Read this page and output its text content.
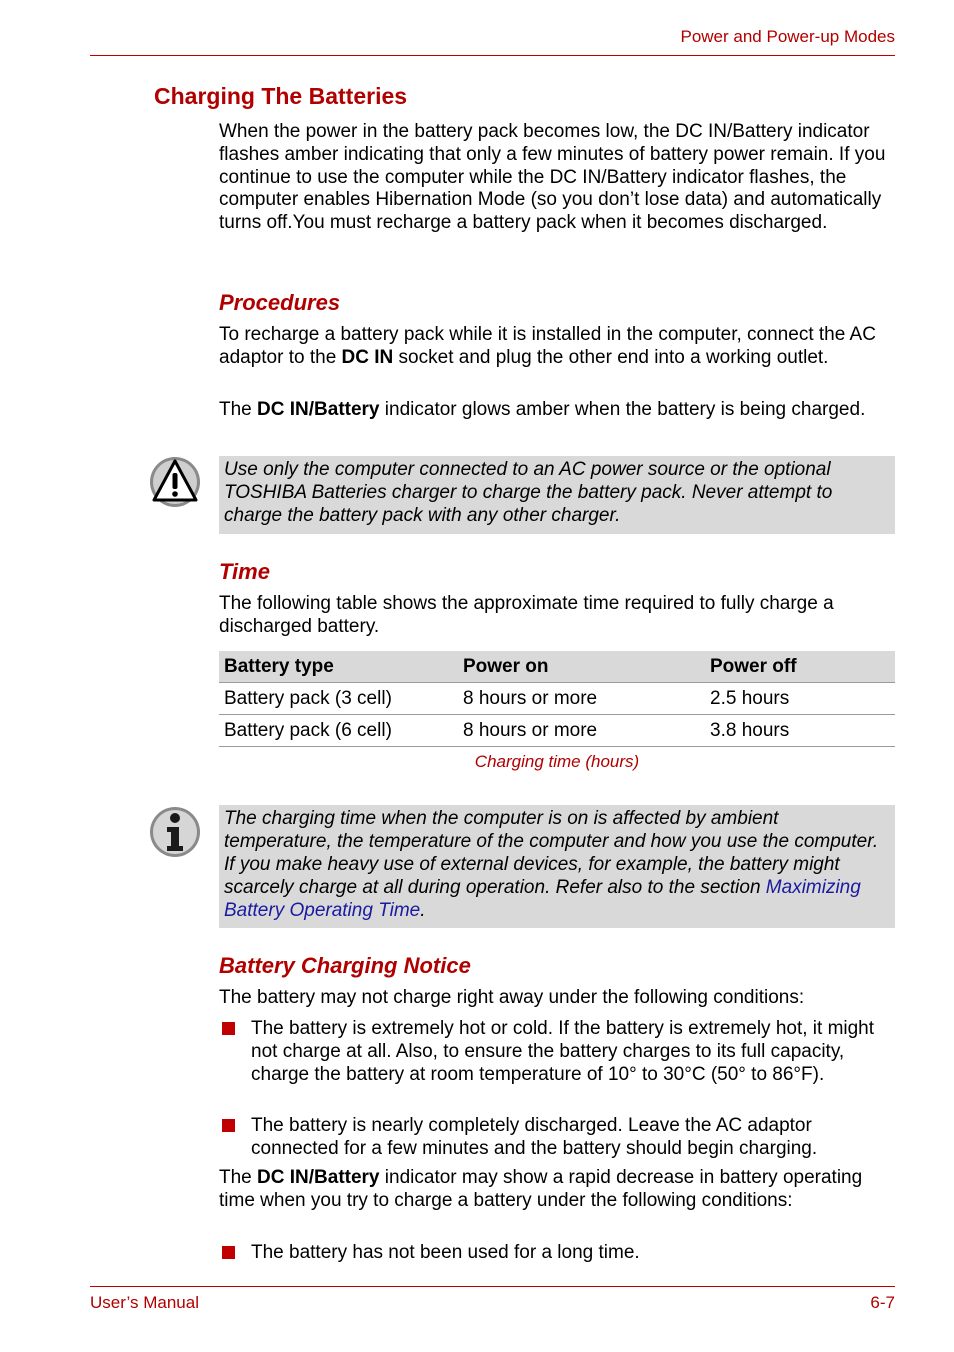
Power and Power-up Modes
Charging The Batteries

When the power in the battery pack becomes low, the DC IN/Battery indicator flashes amber indicating that only a few minutes of battery power remain. If you continue to use the computer while the DC IN/Battery indicator flashes, the computer enables Hibernation Mode (so you don’t lose data) and automatically turns off.You must recharge a battery pack when it becomes discharged.

Procedures

To recharge a battery pack while it is installed in the computer, connect the AC adaptor to the DC IN socket and plug the other end into a working outlet.

The DC IN/Battery indicator glows amber when the battery is being charged.

Use only the computer connected to an AC power source or the optional TOSHIBA Batteries charger to charge the battery pack. Never attempt to charge the battery pack with any other charger.
Time

The following table shows the approximate time required to fully charge a discharged battery.

Battery type	Power on	Power off
Battery pack (3 cell)	8 hours or more	2.5 hours
Battery pack (6 cell)	8 hours or more	3.8 hours
Charging time (hours)
The charging time when the computer is on is affected by ambient temperature, the temperature of the computer and how you use the computer. If you make heavy use of external devices, for example, the battery might scarcely charge at all during operation. Refer also to the section Maximizing Battery Operating Time.
Battery Charging Notice

The battery may not charge right away under the following conditions:

The battery is extremely hot or cold. If the battery is extremely hot, it might not charge at all. Also, to ensure the battery charges to its full capacity, charge the battery at room temperature of 10° to 30°C (50° to 86°F).
The battery is nearly completely discharged. Leave the AC adaptor connected for a few minutes and the battery should begin charging.

The DC IN/Battery indicator may show a rapid decrease in battery operating time when you try to charge a battery under the following conditions:

The battery has not been used for a long time.
User’s Manual	6-7
